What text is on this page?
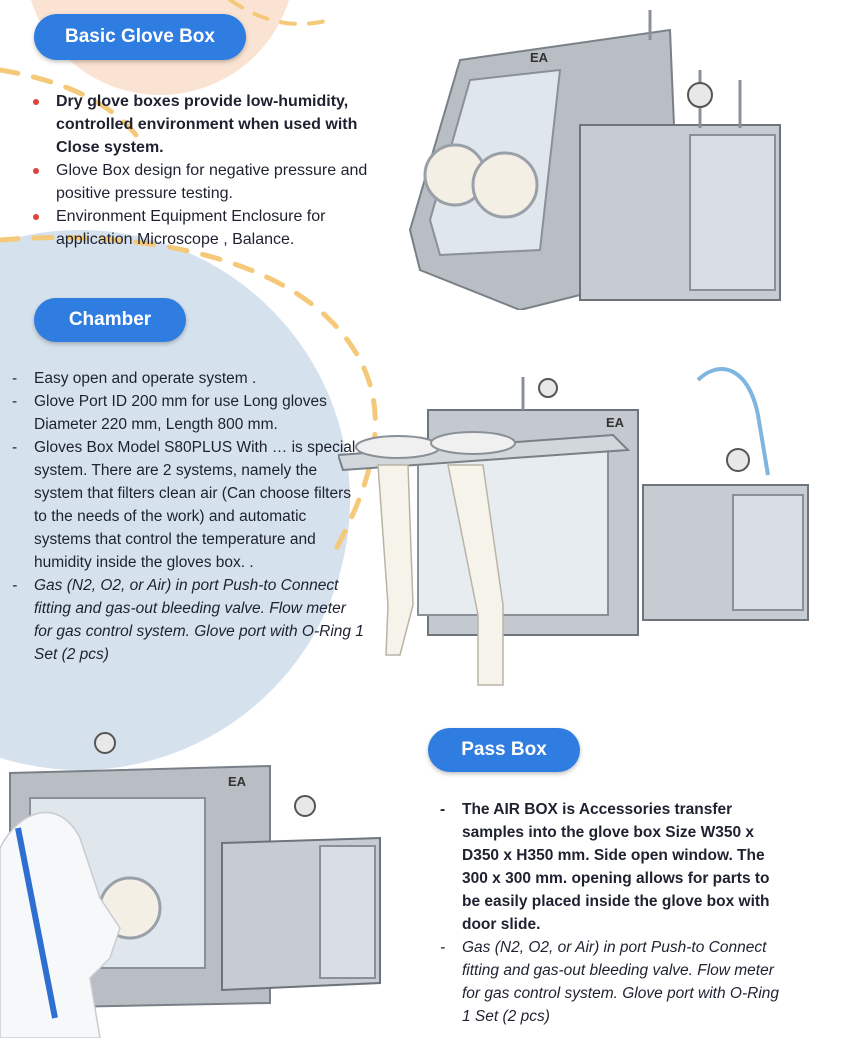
Basic Glove Box
Dry glove boxes provide low-humidity, controlled environment when used with Close system.
Glove Box design for negative pressure and positive pressure testing.
Environment Equipment Enclosure for application Microscope , Balance.
EA
Chamber
- Easy open and operate system .
- Glove Port ID 200 mm for use Long gloves Diameter 220 mm, Length 800 mm.
- Gloves Box Model S80PLUS With … is special system. There are 2 systems, namely the system that filters clean air (Can choose filters to the needs of the work) and automatic systems that control the temperature and humidity inside the gloves box. .
- Gas (N2, O2, or Air) in port Push-to Connect fitting and gas-out bleeding valve. Flow meter for gas control system. Glove port with O-Ring 1 Set (2 pcs)
EA
EA
Pass Box
- The AIR BOX is Accessories transfer samples into the glove box Size W350 x D350 x H350 mm. Side open window. The 300 x 300 mm. opening allows for parts to be easily placed inside the glove box with door slide.
- Gas (N2, O2, or Air) in port Push-to Connect fitting and gas-out bleeding valve. Flow meter for gas control system. Glove port with O-Ring 1 Set (2 pcs)
